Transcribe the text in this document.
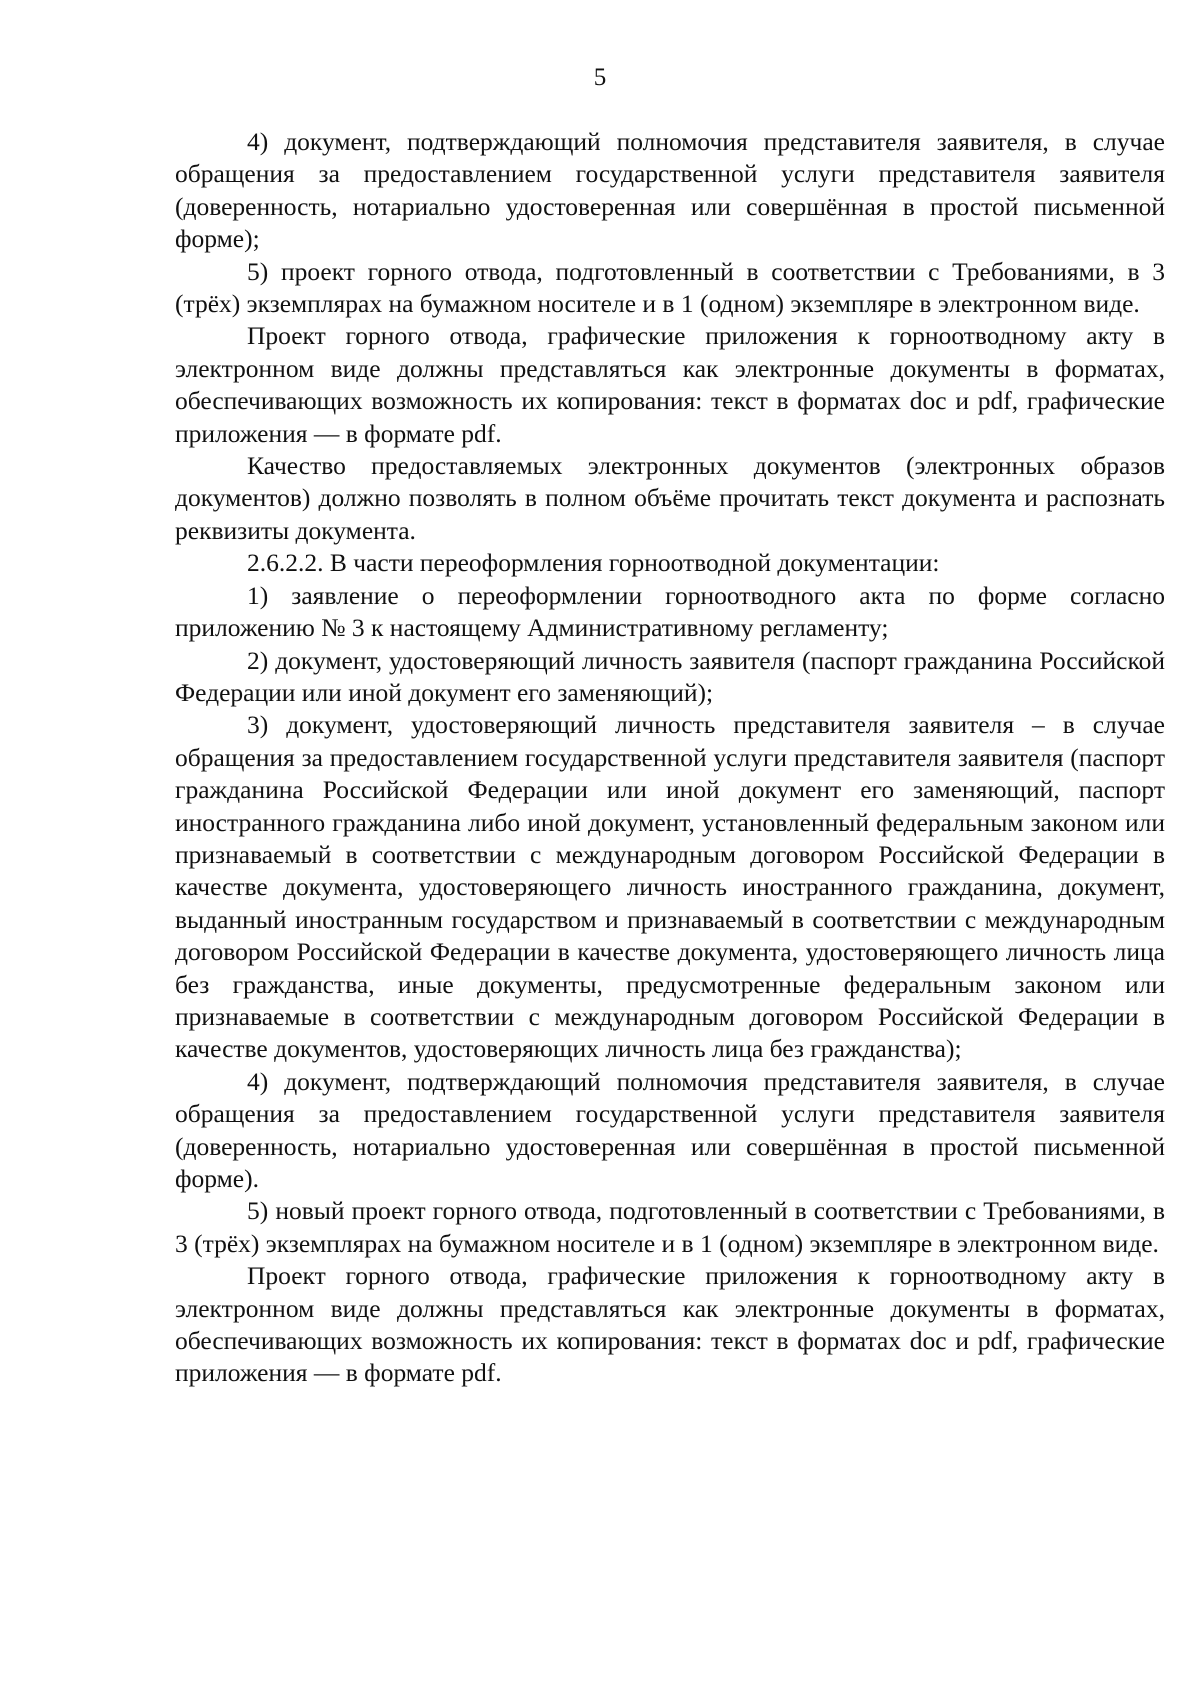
5

4) документ, подтверждающий полномочия представителя заявителя, в случае обращения за предоставлением государственной услуги представителя заявителя (доверенность, нотариально удостоверенная или совершённая в простой письменной форме);

5) проект горного отвода, подготовленный в соответствии с Требованиями, в 3 (трёх) экземплярах на бумажном носителе и в 1 (одном) экземпляре в электронном виде.

Проект горного отвода, графические приложения к горноотводному акту в электронном виде должны представляться как электронные документы в форматах, обеспечивающих возможность их копирования: текст в форматах doc и pdf, графические приложения — в формате pdf.

Качество предоставляемых электронных документов (электронных образов документов) должно позволять в полном объёме прочитать текст документа и распознать реквизиты документа.

2.6.2.2. В части переоформления горноотводной документации:

1) заявление о переоформлении горноотводного акта по форме согласно приложению № 3 к настоящему Административному регламенту;

2) документ, удостоверяющий личность заявителя (паспорт гражданина Российской Федерации или иной документ его заменяющий);

3) документ, удостоверяющий личность представителя заявителя – в случае обращения за предоставлением государственной услуги представителя заявителя (паспорт гражданина Российской Федерации или иной документ его заменяющий, паспорт иностранного гражданина либо иной документ, установленный федеральным законом или признаваемый в соответствии с международным договором Российской Федерации в качестве документа, удостоверяющего личность иностранного гражданина, документ, выданный иностранным государством и признаваемый в соответствии с международным договором Российской Федерации в качестве документа, удостоверяющего личность лица без гражданства, иные документы, предусмотренные федеральным законом или признаваемые в соответствии с международным договором Российской Федерации в качестве документов, удостоверяющих личность лица без гражданства);

4) документ, подтверждающий полномочия представителя заявителя, в случае обращения за предоставлением государственной услуги представителя заявителя (доверенность, нотариально удостоверенная или совершённая в простой письменной форме).

5) новый проект горного отвода, подготовленный в соответствии с Требованиями, в 3 (трёх) экземплярах на бумажном носителе и в 1 (одном) экземпляре в электронном виде.

Проект горного отвода, графические приложения к горноотводному акту в электронном виде должны представляться как электронные документы в форматах, обеспечивающих возможность их копирования: текст в форматах doc и pdf, графические приложения — в формате pdf.
